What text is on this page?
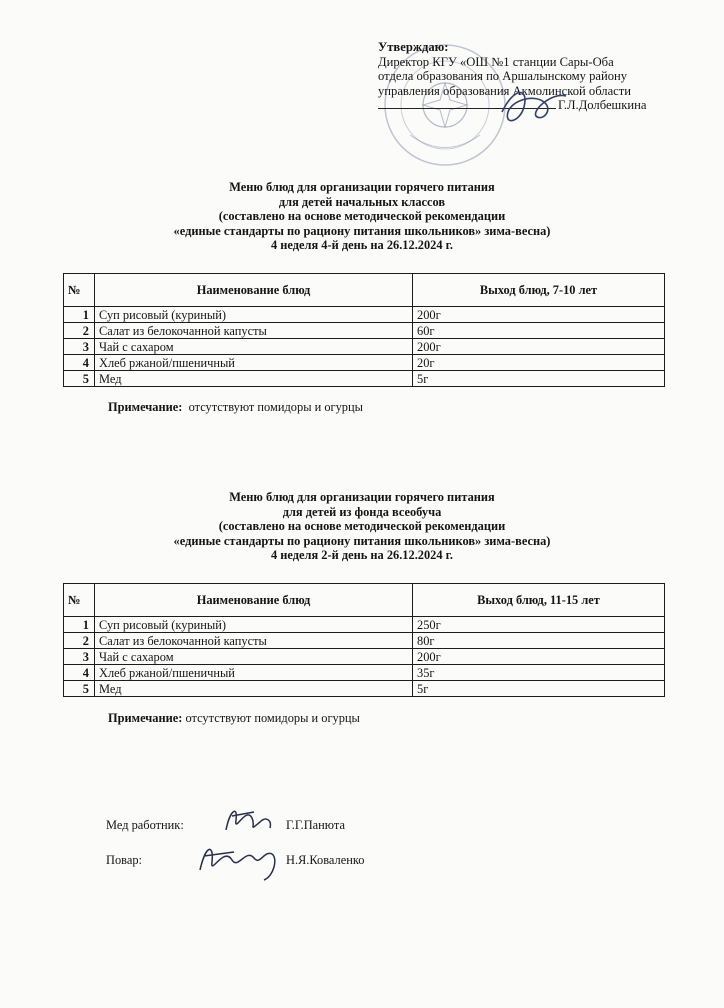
Утверждаю:
Директор КГУ «ОШ №1 станции Сары-Оба
отдела образования по Аршалынскому району
управления образования Акмолинской области
Г.Л.Долбешкина
Меню блюд для организации горячего питания
для детей начальных классов
(составлено на основе методической рекомендации
«единые стандарты по рациону питания школьников» зима-весна)
4 неделя 4-й день на 26.12.2024 г.
№	Наименование блюд	Выход блюд, 7-10 лет
1	Суп рисовый (куриный)	200г
2	Салат из белокочанной капусты	60г
3	Чай с сахаром	200г
4	Хлеб ржаной/пшеничный	20г
5	Мед	5г
Примечание: отсутствуют помидоры и огурцы
Меню блюд для организации горячего питания
для детей из фонда всеобуча
(составлено на основе методической рекомендации
«единые стандарты по рациону питания школьников» зима-весна)
4 неделя 2-й день на 26.12.2024 г.
№	Наименование блюд	Выход блюд, 11-15 лет
1	Суп рисовый (куриный)	250г
2	Салат из белокочанной капусты	80г
3	Чай с сахаром	200г
4	Хлеб ржаной/пшеничный	35г
5	Мед	5г
Примечание: отсутствуют помидоры и огурцы
Мед работник:	Г.Г.Панюта
Повар:	Н.Я.Коваленко
